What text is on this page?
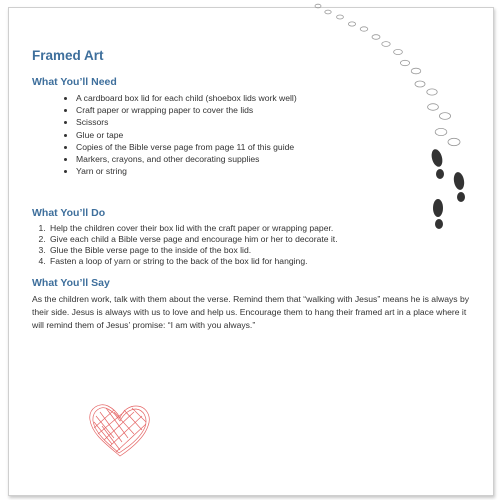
Framed Art
What You’ll Need
• A cardboard box lid for each child (shoebox lids work well)
• Craft paper or wrapping paper to cover the lids
• Scissors
• Glue or tape
• Copies of the Bible verse page from page 11 of this guide
• Markers, crayons, and other decorating supplies
• Yarn or string
What You’ll Do
1. Help the children cover their box lid with the craft paper or wrapping paper.
2. Give each child a Bible verse page and encourage him or her to decorate it.
3. Glue the Bible verse page to the inside of the box lid.
4. Fasten a loop of yarn or string to the back of the box lid for hanging.
What You’ll Say

As the children work, talk with them about the verse. Remind them that “walking with Jesus” means he is always by their side. Jesus is always with us to love and help us. Encourage them to hang their framed art in a place where it will remind them of Jesus’ promise: “I am with you always.”
